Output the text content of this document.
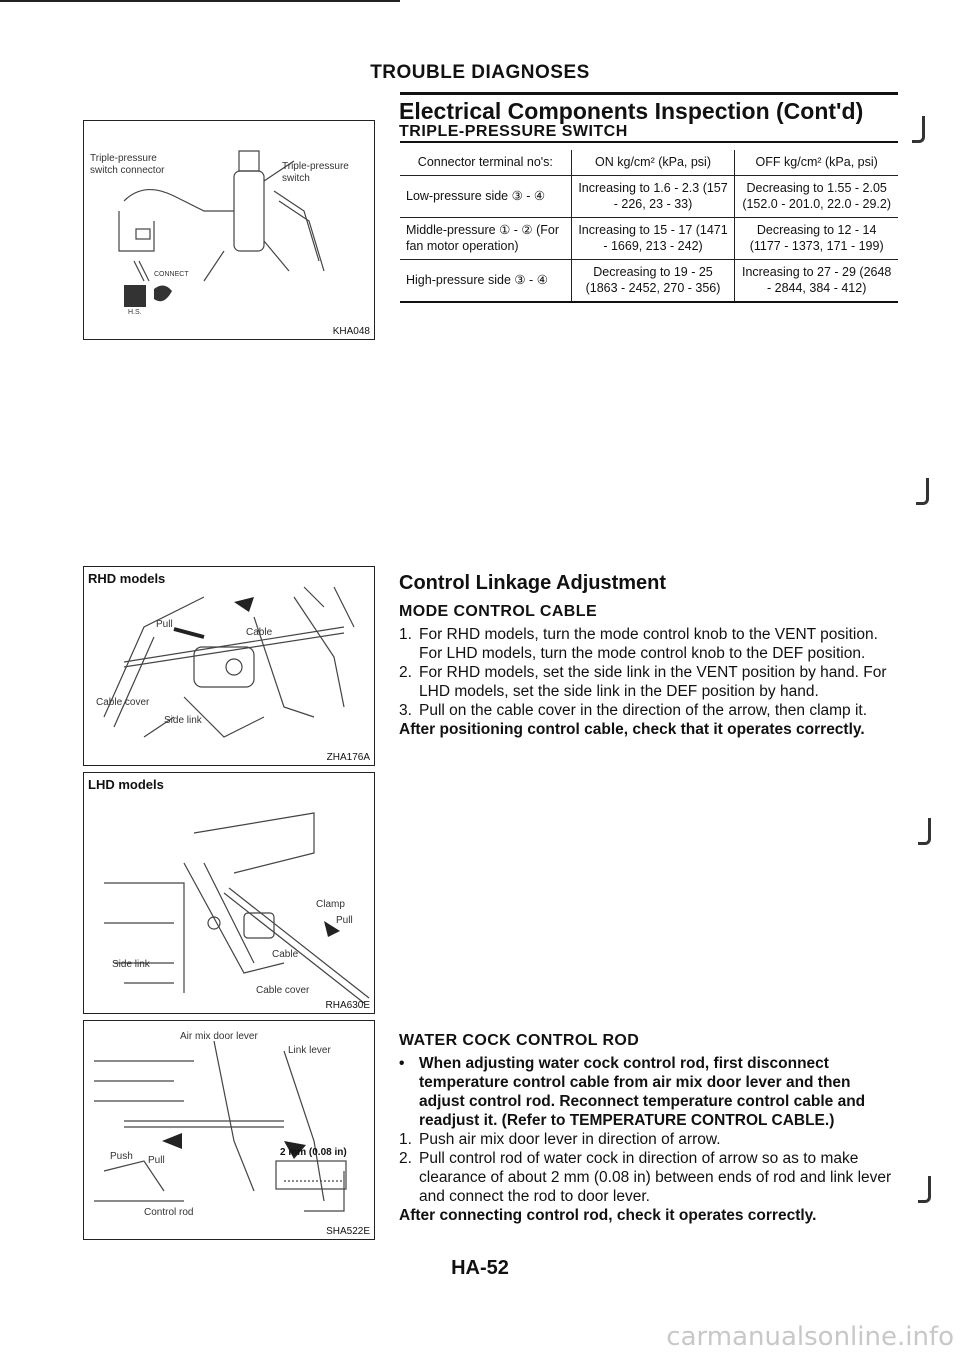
TROUBLE DIAGNOSES
Electrical Components Inspection (Cont'd)
TRIPLE-PRESSURE SWITCH
Triple-pressure switch connector	Triple-pressure switch
CONNECT
H.S.
KHA048
Connector terminal no's:	ON kg/cm² (kPa, psi)	OFF kg/cm² (kPa, psi)
Low-pressure side ③ - ④	Increasing to 1.6 - 2.3 (157 - 226, 23 - 33)	Decreasing to 1.55 - 2.05 (152.0 - 201.0, 22.0 - 29.2)
Middle-pressure ① - ② (For fan motor operation)	Increasing to 15 - 17 (1471 - 1669, 213 - 242)	Decreasing to 12 - 14 (1177 - 1373, 171 - 199)
High-pressure side ③ - ④	Decreasing to 19 - 25 (1863 - 2452, 270 - 356)	Increasing to 27 - 29 (2648 - 2844, 384 - 412)
RHD models
Pull
Cable
Cable cover
Side link
ZHA176A
LHD models
Clamp
Pull
Cable
Side link
Cable cover
RHA630E
Air mix door lever
Link lever
Push Pull
2 mm (0.08 in)
Control rod
SHA522E
Control Linkage Adjustment
MODE CONTROL CABLE
1. For RHD models, turn the mode control knob to the VENT position. For LHD models, turn the mode control knob to the DEF position.
2. For RHD models, set the side link in the VENT position by hand. For LHD models, set the side link in the DEF position by hand.
3. Pull on the cable cover in the direction of the arrow, then clamp it.
After positioning control cable, check that it operates correctly.
WATER COCK CONTROL ROD
• When adjusting water cock control rod, first disconnect temperature control cable from air mix door lever and then adjust control rod. Reconnect temperature control cable and readjust it. (Refer to TEMPERATURE CONTROL CABLE.)
1. Push air mix door lever in direction of arrow.
2. Pull control rod of water cock in direction of arrow so as to make clearance of about 2 mm (0.08 in) between ends of rod and link lever and connect the rod to door lever.
After connecting control rod, check it operates correctly.
HA-52
carmanualsonline.info
